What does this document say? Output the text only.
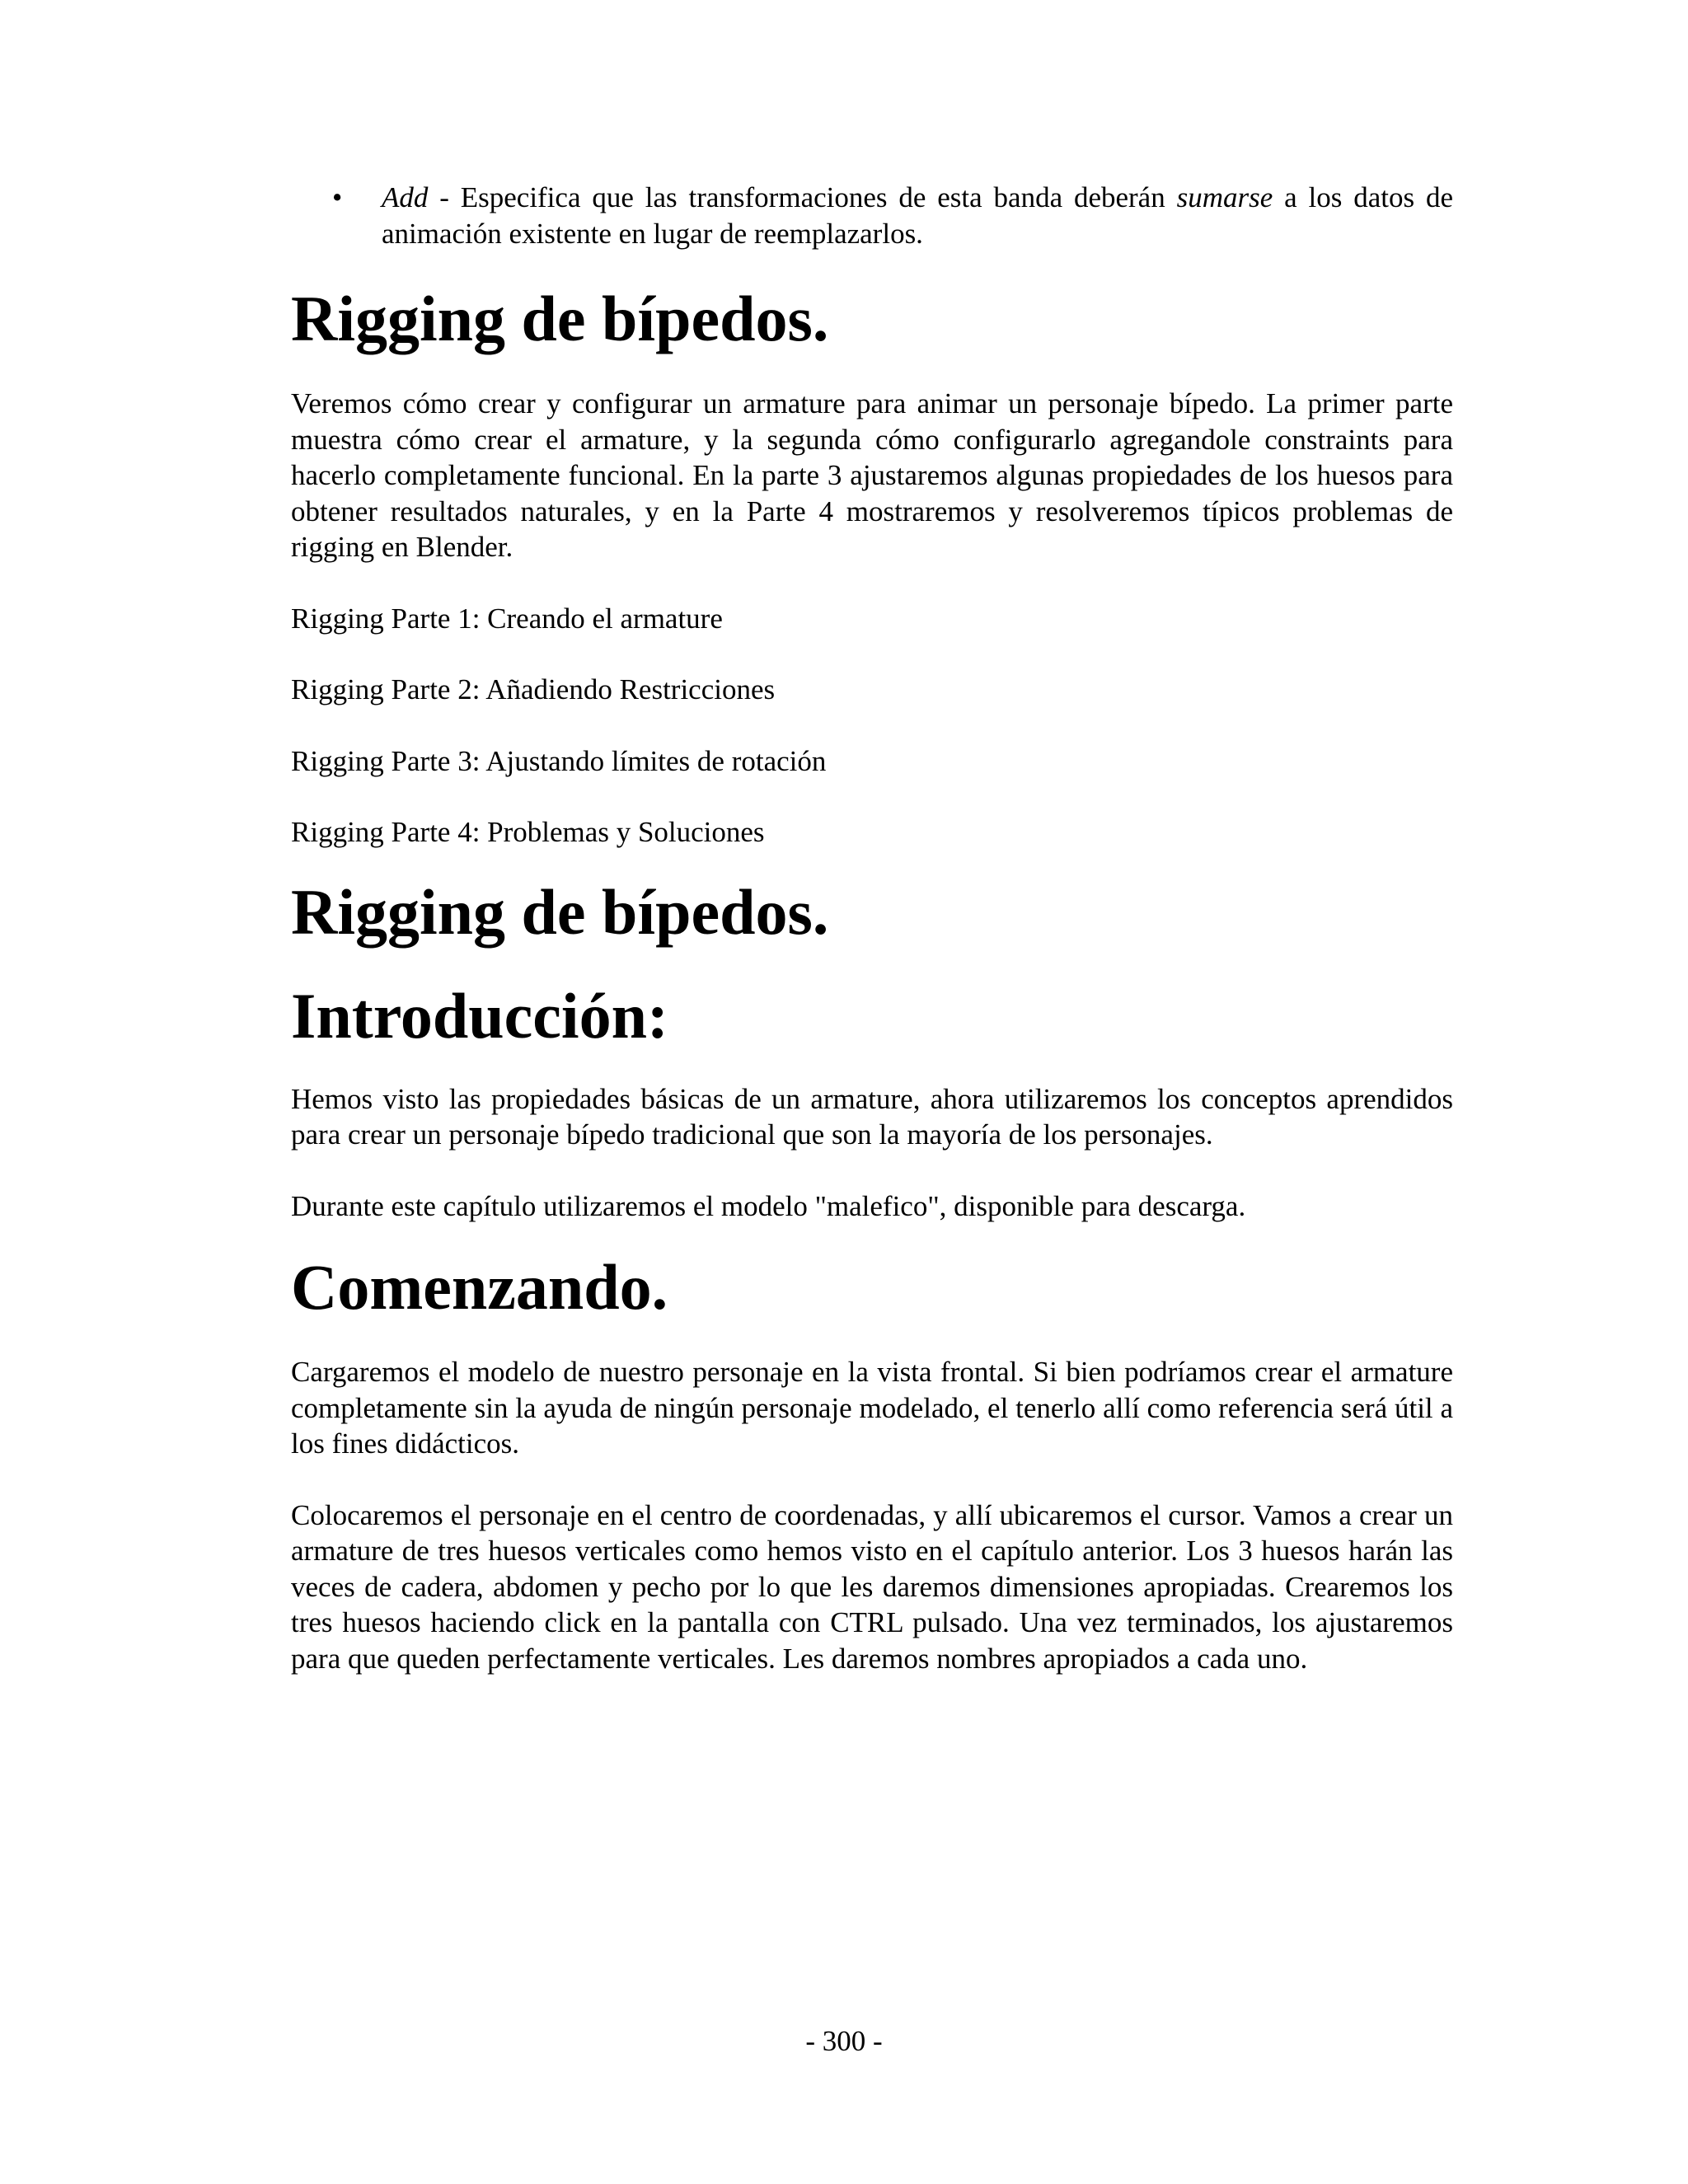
• Add - Especifica que las transformaciones de esta banda deberán sumarse a los datos de animación existente en lugar de reemplazarlos.
Rigging de bípedos.

Veremos cómo crear y configurar un armature para animar un personaje bípedo. La primer parte muestra cómo crear el armature, y la segunda cómo configurarlo agregandole constraints para hacerlo completamente funcional. En la parte 3 ajustaremos algunas propiedades de los huesos para obtener resultados naturales, y en la Parte 4 mostraremos y resolveremos típicos problemas de rigging en Blender.

Rigging Parte 1: Creando el armature

Rigging Parte 2: Añadiendo Restricciones

Rigging Parte 3: Ajustando límites de rotación

Rigging Parte 4: Problemas y Soluciones

Rigging de bípedos.
Introducción:

Hemos visto las propiedades básicas de un armature, ahora utilizaremos los conceptos aprendidos para crear un personaje bípedo tradicional que son la mayoría de los personajes.

Durante este capítulo utilizaremos el modelo "malefico", disponible para descarga.

Comenzando.

Cargaremos el modelo de nuestro personaje en la vista frontal. Si bien podríamos crear el armature completamente sin la ayuda de ningún personaje modelado, el tenerlo allí como referencia será útil a los fines didácticos.

Colocaremos el personaje en el centro de coordenadas, y allí ubicaremos el cursor. Vamos a crear un armature de tres huesos verticales como hemos visto en el capítulo anterior. Los 3 huesos harán las veces de cadera, abdomen y pecho por lo que les daremos dimensiones apropiadas. Crearemos los tres huesos haciendo click en la pantalla con CTRL pulsado. Una vez terminados, los ajustaremos para que queden perfectamente verticales. Les daremos nombres apropiados a cada uno.

- 300 -
